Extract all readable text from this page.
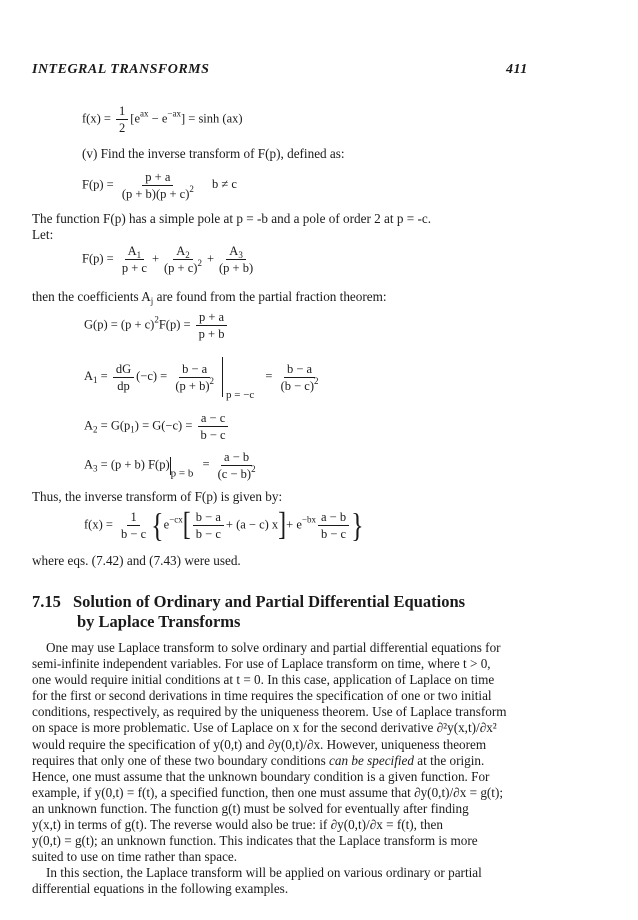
INTEGRAL TRANSFORMS	411
$f(x) = \frac{1}{2} [e^{ax} - e^{-ax}] = \sinh (ax)$
(v) Find the inverse transform of F(p), defined as:
$F(p) = \frac{p + a}{(p + b)(p + c)^2}$ b ≠ c
The function F(p) has a simple pole at p = -b and a pole of order 2 at p = -c.
Let:
$F(p) = \frac{A_1}{p + c} + \frac{A_2}{(p + c)^2} + \frac{A_3}{(p + b)}$
then the coefficients $A_j$ are found from the partial fraction theorem:
$G(p) = (p + c)^2F(p) = \frac{p + a}{p + b}$
$A_1 = \frac{dG}{dp} (-c) = \frac{b - a}{(p + b)^2}$
$_{p = -c} = \frac{b - a}{(b - c)^2}$
$A_2 = G(p_1) = G(-c) = \frac{a - c}{b - c}$
$A_3 = (p + b) F(p)_{p = b} = \frac{a - b}{(c - b)^2}$
Thus, the inverse transform of F(p) is given by:
$f(x) = \frac{1}{b - c} \{e^{-cx}[ \frac{b - a}{b - c} + (a - c)$ $x]+ e^{-bx} \frac{a - b}{b - c}$ }
where eqs. (7.42) and (7.43) were used.
7.15 Solution of Ordinary and Partial Differential Equations
by Laplace Transforms
One may use Laplace transform to solve ordinary and partial differential equations for
semi-infinite independent variables. For use of Laplace transform on time, where t > 0,
one would require initial conditions at t = 0. In this case, application of Laplace on time
for the first or second derivations in time requires the specification of one or two initial
conditions, respectively, as required by the uniqueness theorem. Use of Laplace transform
on space is more problematic. Use of Laplace on x for the second derivative ∂²y(x,t)/∂x²
would require the specification of y(0,t) and ∂y(0,t)/∂x. However, uniqueness theorem
requires that only one of these two boundary conditions can be specified at the origin.
Hence, one must assume that the unknown boundary condition is a given function. For
example, if y(0,t) = f(t), a specified function, then one must assume that ∂y(0,t)/∂x = g(t);
an unknown function. The function g(t) must be solved for eventually after finding
y(x,t) in terms of g(t). The reverse would also be true: if ∂y(0,t)/∂x = f(t), then
y(0,t) = g(t); an unknown function. This indicates that the Laplace transform is more
suited to use on time rather than space.
In this section, the Laplace transform will be applied on various ordinary or partial
differential equations in the following examples.
